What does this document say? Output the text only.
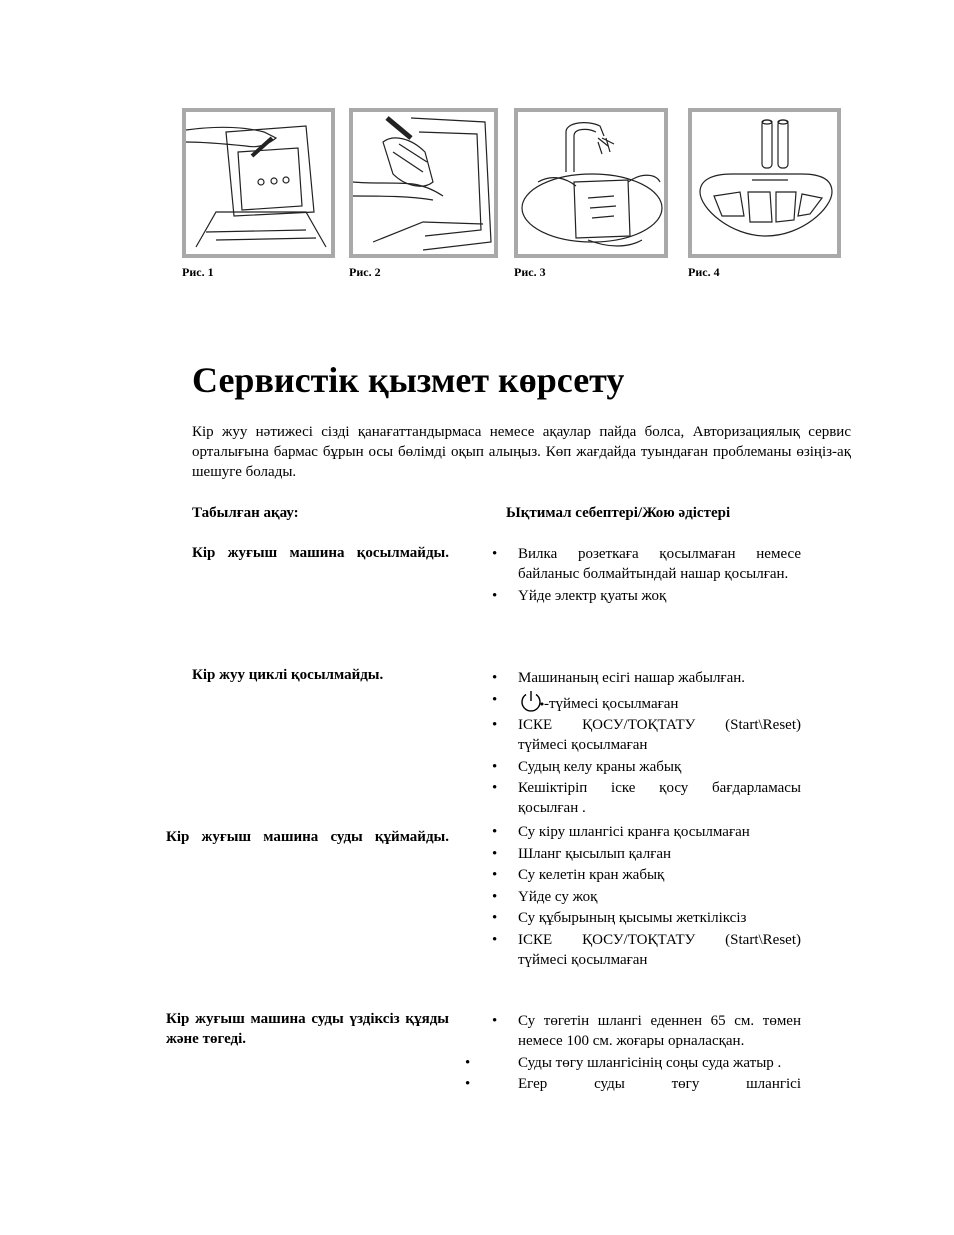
Рис. 1	Рис. 2	Рис. 3	Рис. 4
Сервистік қызмет көрсету

Кір жуу нәтижесі сізді қанағаттандырмаса немесе ақаулар пайда болса, Авторизациялық сервис орталығына бармас бұрын осы бөлімді оқып алыңыз. Көп жағдайда туындаған проблеманы өзіңіз-ақ шешуге болады.

Табылған ақау:	Ықтимал себептері/Жою әдістері

Кір жуғыш машина қосылмайды.	• Вилка розеткаға қосылмаған немесе байланыс болмайтындай нашар қосылған.
• Үйде электр қуаты жоқ

Кір жуу циклі қосылмайды.	• Машинаның есігі нашар жабылған.
•	-түймесі қосылмаған
• ІСКЕ ҚОСУ/ТОҚТАТУ (Start\Reset) түймесі қосылмаған
• Судың келу краны жабық
• Кешіктіріп іске қосу бағдарламасы қосылған .

Кір жуғыш машина суды құймайды.	• Су кіру шлангісі кранға қосылмаған
• Шланг қысылып қалған
• Су келетін кран жабық
• Үйде су жоқ
• Су құбырының қысымы жеткіліксіз
• ІСКЕ ҚОСУ/ТОҚТАТУ (Start\Reset) түймесі қосылмаған

Кір жуғыш машина суды үздіксіз құяды және төгеді.

• Су төгетін шлангі еденнен 65 см. төмен немесе 100 см. жоғары орналасқан.
•	Суды төгу шлангісінің соңы суда жатыр .
•	Егер суды төгу шлангісі
